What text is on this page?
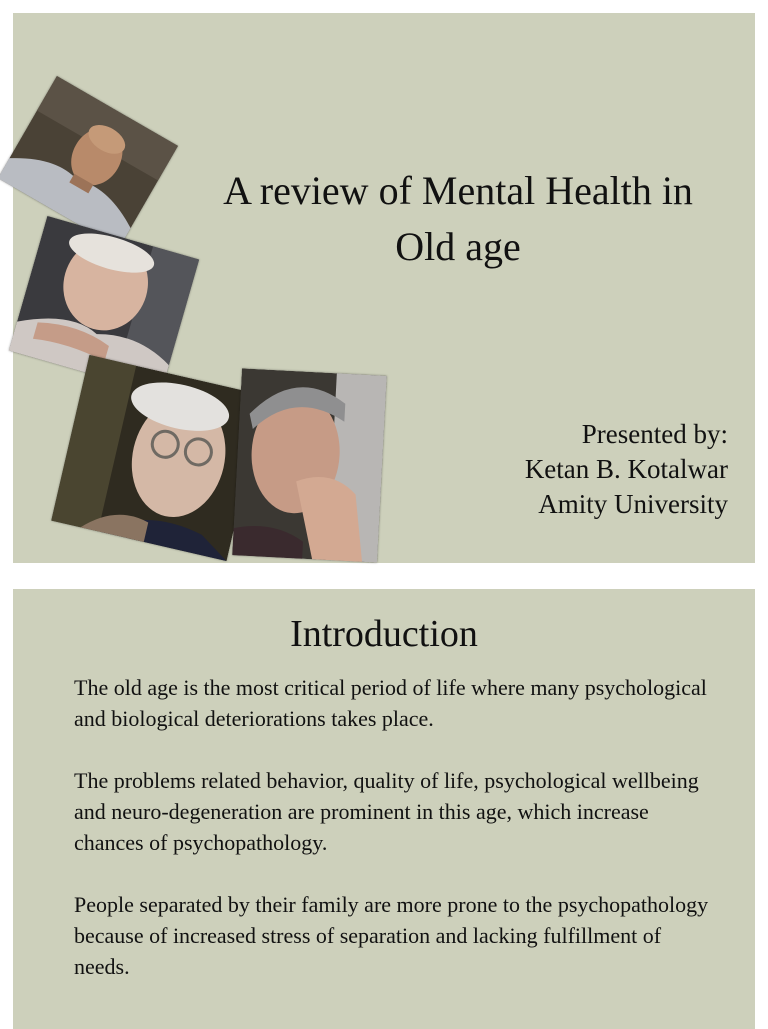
A review of Mental Health in Old age
Presented by:
Ketan B. Kotalwar
Amity University
Introduction

The old age is the most critical period of life where many psychological and biological deteriorations takes place.

The problems related behavior, quality of life, psychological wellbeing and neuro-degeneration are prominent in this age, which increase chances of psychopathology.

People separated by their family are more prone to the psychopathology because of increased stress of separation and lacking fulfillment of needs.
